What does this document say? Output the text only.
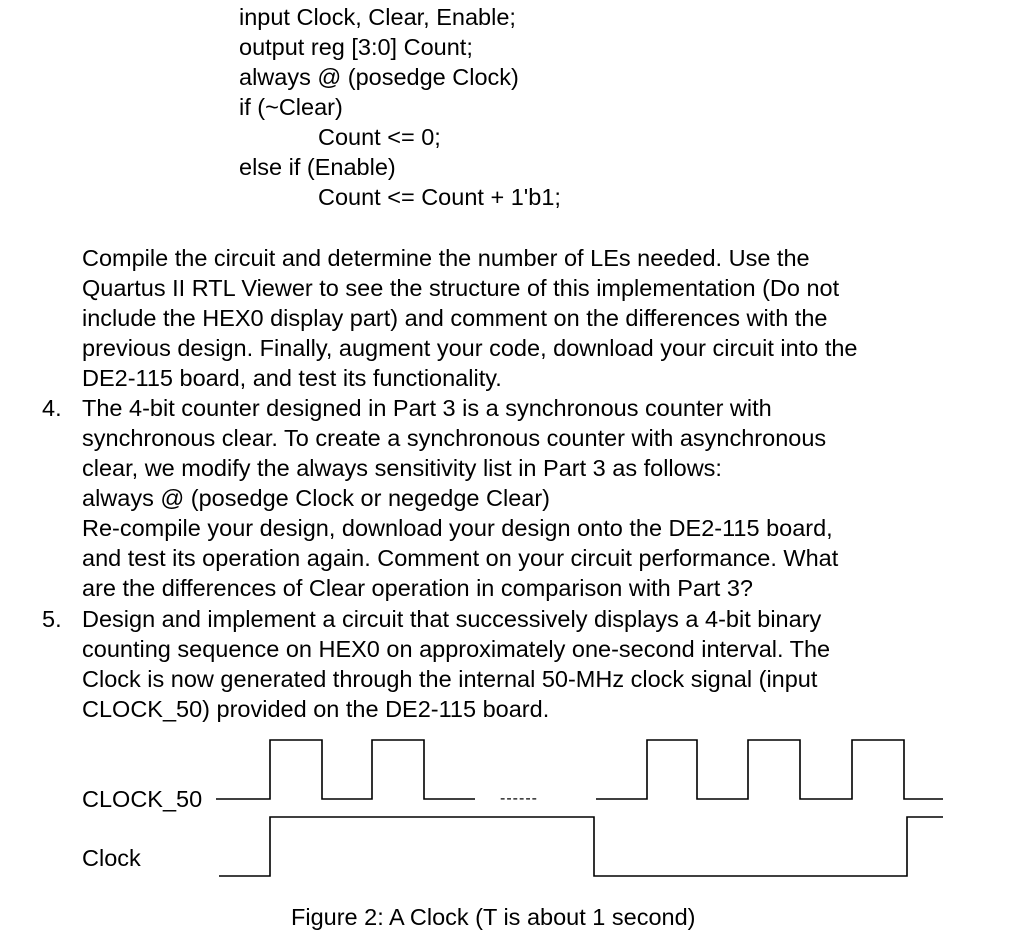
input Clock, Clear, Enable;
output reg [3:0] Count;
always @ (posedge Clock)
if (~Clear)
Count <= 0;
else if (Enable)
Count <= Count + 1'b1;
Compile the circuit and determine the number of LEs needed. Use the
Quartus II RTL Viewer to see the structure of this implementation (Do not
include the HEX0 display part) and comment on the differences with the
previous design. Finally, augment your code, download your circuit into the
DE2-115 board, and test its functionality.
4. The 4-bit counter designed in Part 3 is a synchronous counter with
synchronous clear. To create a synchronous counter with asynchronous
clear, we modify the always sensitivity list in Part 3 as follows:
always @ (posedge Clock or negedge Clear)
Re-compile your design, download your design onto the DE2-115 board,
and test its operation again. Comment on your circuit performance. What
are the differences of Clear operation in comparison with Part 3?
5. Design and implement a circuit that successively displays a 4-bit binary
counting sequence on HEX0 on approximately one-second interval. The
Clock is now generated through the internal 50-MHz clock signal (input
CLOCK_50) provided on the DE2-115 board.
CLOCK_50
Clock
------
Figure 2: A Clock (T is about 1 second)
